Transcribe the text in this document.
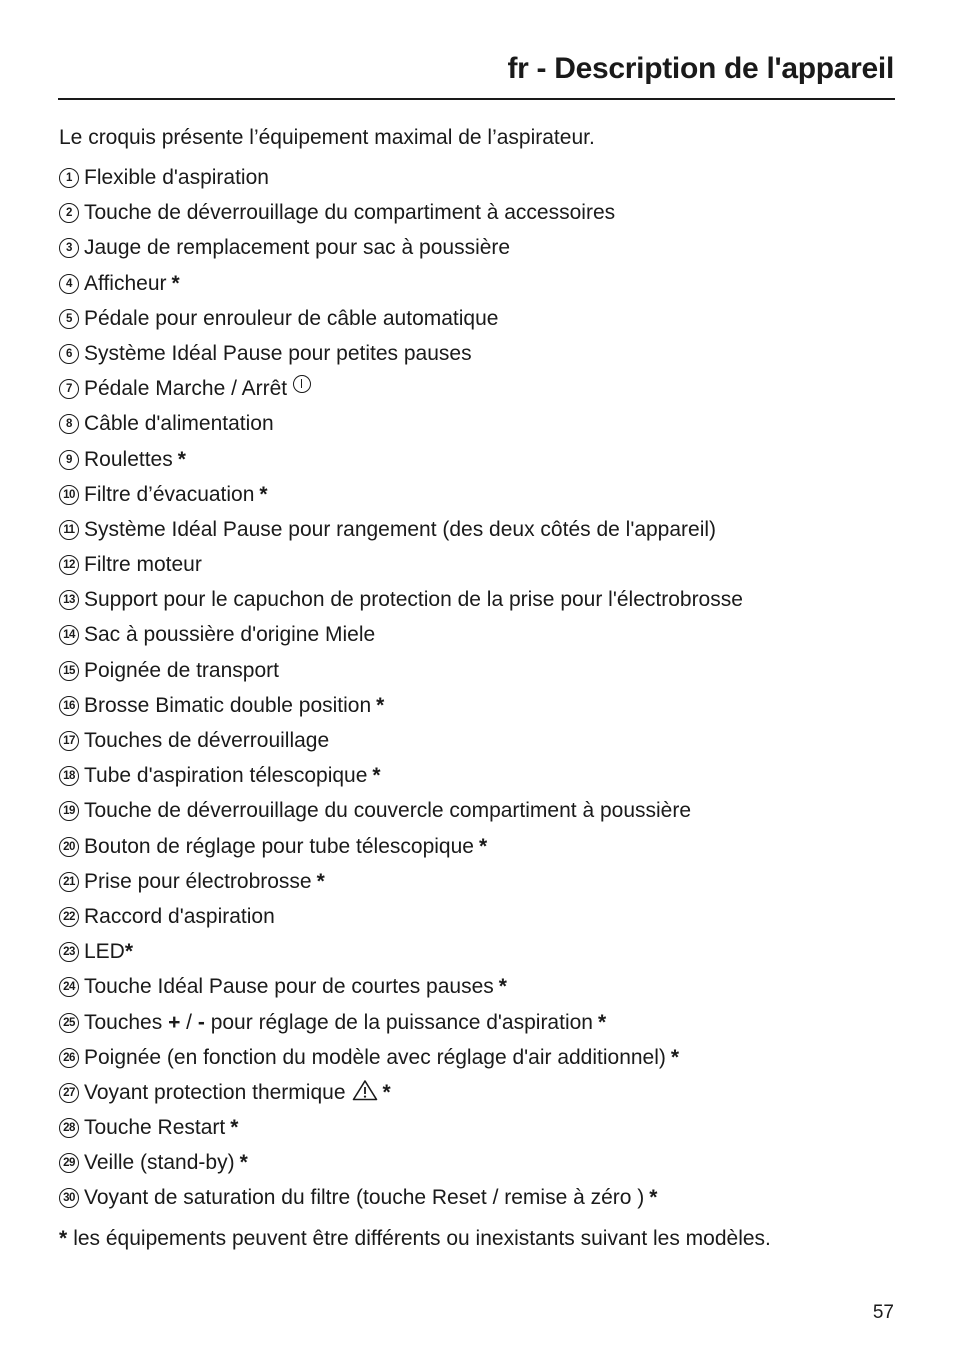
fr - Description de l'appareil

Le croquis présente l’équipement maximal de l’aspirateur.

1 Flexible d'aspiration
2 Touche de déverrouillage du compartiment à accessoires
3 Jauge de remplacement pour sac à poussière
4 Afficheur *
5 Pédale pour enrouleur de câble automatique
6 Système Idéal Pause pour petites pauses
7 Pédale Marche / Arrêt
8 Câble d'alimentation
9 Roulettes *
10 Filtre d’évacuation *
11 Système Idéal Pause pour rangement (des deux côtés de l'appareil)
12 Filtre moteur
13 Support pour le capuchon de protection de la prise pour l'électrobrosse
14 Sac à poussière d'origine Miele
15 Poignée de transport
16 Brosse Bimatic double position *
17 Touches de déverrouillage
18 Tube d'aspiration télescopique *
19 Touche de déverrouillage du couvercle compartiment à poussière
20 Bouton de réglage pour tube télescopique *
21 Prise pour électrobrosse *
22 Raccord d'aspiration
23 LED *
24 Touche Idéal Pause pour de courtes pauses *
25 Touches + / - pour réglage de la puissance d'aspiration *
26 Poignée (en fonction du modèle avec réglage d'air additionnel) *
27 Voyant protection thermique *
28 Touche Restart *
29 Veille (stand-by) *
30 Voyant de saturation du filtre (touche Reset / remise à zéro ) *

* les équipements peuvent être différents ou inexistants suivant les modèles.

57
